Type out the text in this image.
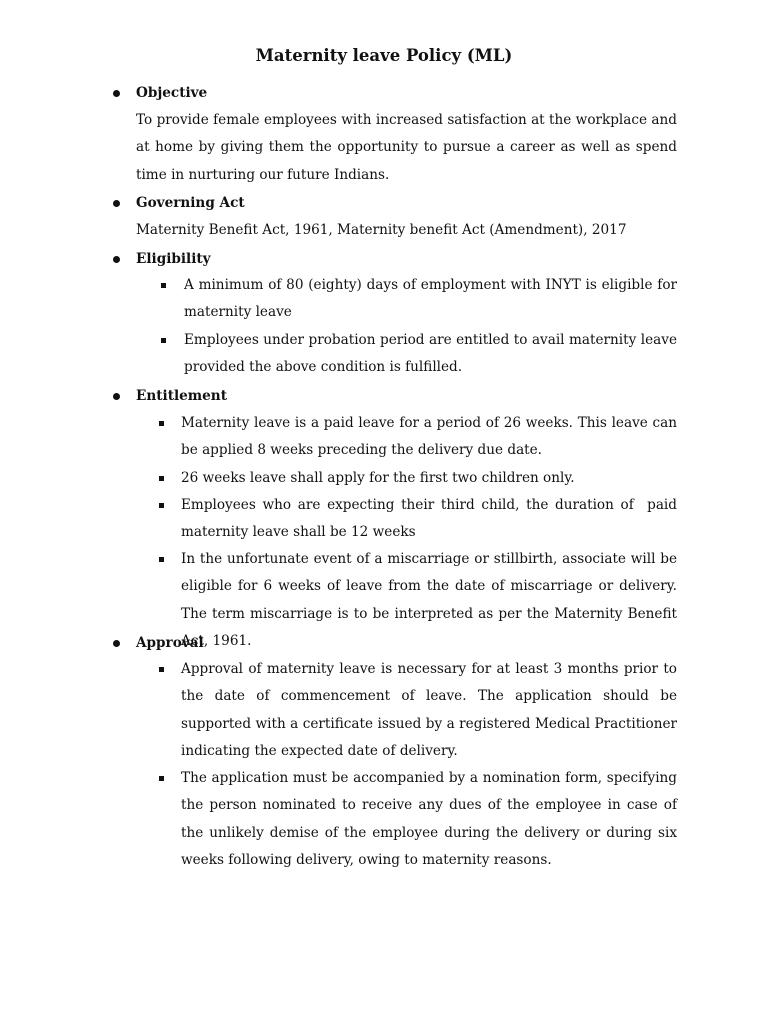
Maternity leave Policy (ML)
Objective
To provide female employees with increased satisfaction at the workplace and at home by giving them the opportunity to pursue a career as well as spend time in nurturing our future Indians.
Governing Act
Maternity Benefit Act, 1961, Maternity benefit Act (Amendment), 2017
Eligibility
A minimum of 80 (eighty) days of employment with INYT is eligible for maternity leave
Employees under probation period are entitled to avail maternity leave provided the above condition is fulfilled.
Entitlement
Maternity leave is a paid leave for a period of 26 weeks. This leave can be applied 8 weeks preceding the delivery due date.
26 weeks leave shall apply for the first two children only.
Employees who are expecting their third child, the duration of  paid maternity leave shall be 12 weeks
In the unfortunate event of a miscarriage or stillbirth, associate will be eligible for 6 weeks of leave from the date of miscarriage or delivery. The term miscarriage is to be interpreted as per the Maternity Benefit Act, 1961.
Approval
Approval of maternity leave is necessary for at least 3 months prior to the date of commencement of leave. The application should be supported with a certificate issued by a registered Medical Practitioner indicating the expected date of delivery.
The application must be accompanied by a nomination form, specifying the person nominated to receive any dues of the employee in case of the unlikely demise of the employee during the delivery or during six weeks following delivery, owing to maternity reasons.
